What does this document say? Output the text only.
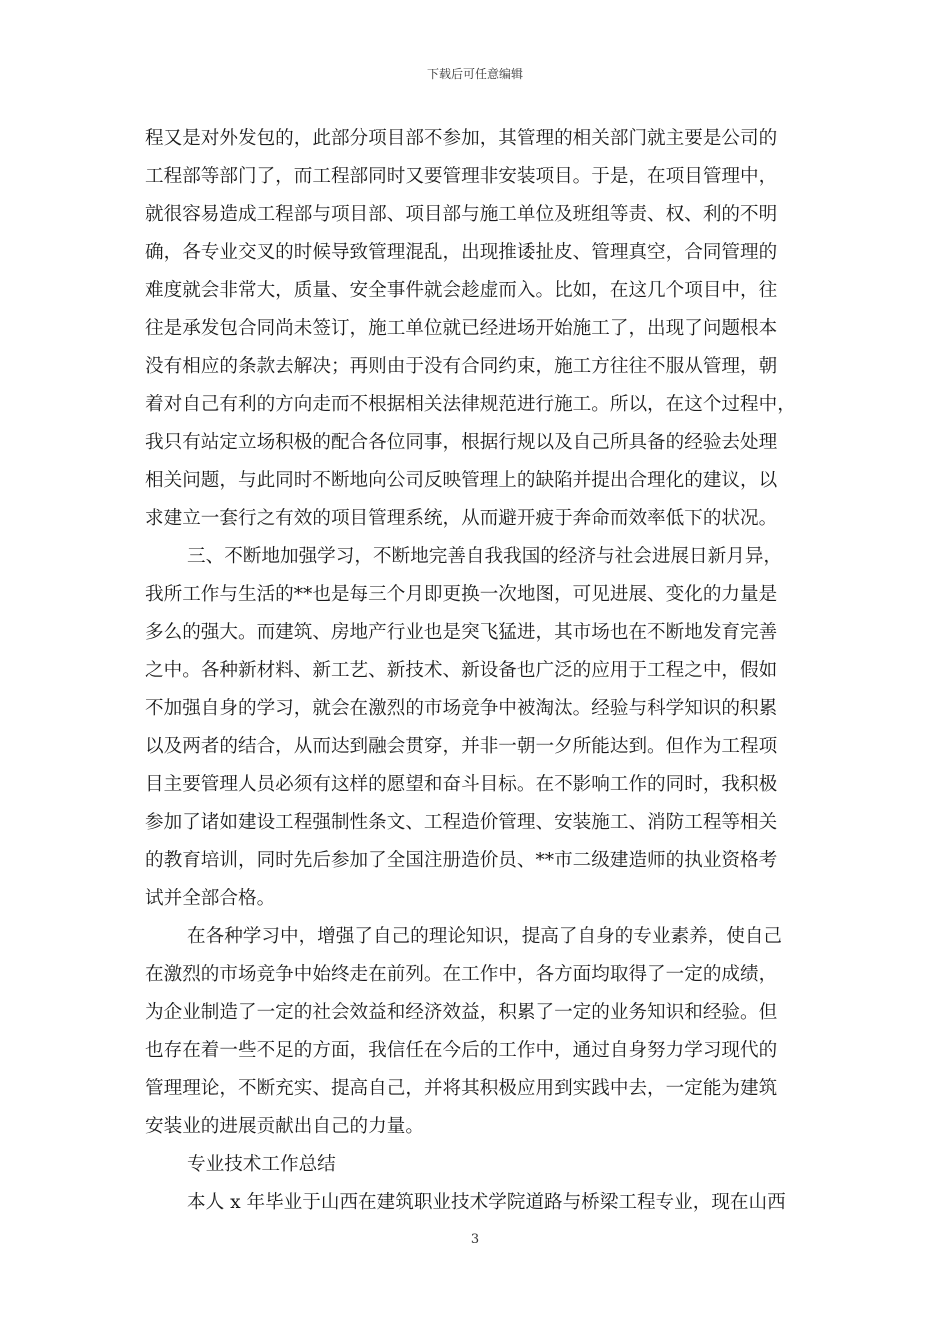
下载后可任意编辑
程又是对外发包的，此部分项目部不参加，其管理的相关部门就主要是公司的
工程部等部门了，而工程部同时又要管理非安装项目。于是，在项目管理中，
就很容易造成工程部与项目部、项目部与施工单位及班组等责、权、利的不明
确，各专业交叉的时候导致管理混乱，出现推诿扯皮、管理真空，合同管理的
难度就会非常大，质量、安全事件就会趁虚而入。比如，在这几个项目中，往
往是承发包合同尚未签订，施工单位就已经进场开始施工了，出现了问题根本
没有相应的条款去解决；再则由于没有合同约束，施工方往往不服从管理，朝
着对自己有利的方向走而不根据相关法律规范进行施工。所以，在这个过程中，
我只有站定立场积极的配合各位同事，根据行规以及自己所具备的经验去处理
相关问题，与此同时不断地向公司反映管理上的缺陷并提出合理化的建议，以
求建立一套行之有效的项目管理系统，从而避开疲于奔命而效率低下的状况。
三、不断地加强学习，不断地完善自我我国的经济与社会进展日新月异，
我所工作与生活的**也是每三个月即更换一次地图，可见进展、变化的力量是
多么的强大。而建筑、房地产行业也是突飞猛进，其市场也在不断地发育完善
之中。各种新材料、新工艺、新技术、新设备也广泛的应用于工程之中，假如
不加强自身的学习，就会在激烈的市场竞争中被淘汰。经验与科学知识的积累
以及两者的结合，从而达到融会贯穿，并非一朝一夕所能达到。但作为工程项
目主要管理人员必须有这样的愿望和奋斗目标。在不影响工作的同时，我积极
参加了诸如建设工程强制性条文、工程造价管理、安装施工、消防工程等相关
的教育培训，同时先后参加了全国注册造价员、**市二级建造师的执业资格考
试并全部合格。
在各种学习中，增强了自己的理论知识，提高了自身的专业素养，使自己
在激烈的市场竞争中始终走在前列。在工作中，各方面均取得了一定的成绩，
为企业制造了一定的社会效益和经济效益，积累了一定的业务知识和经验。但
也存在着一些不足的方面，我信任在今后的工作中，通过自身努力学习现代的
管理理论，不断充实、提高自己，并将其积极应用到实践中去，一定能为建筑
安装业的进展贡献出自己的力量。
专业技术工作总结
本人 x 年毕业于山西在建筑职业技术学院道路与桥梁工程专业，现在山西
3
